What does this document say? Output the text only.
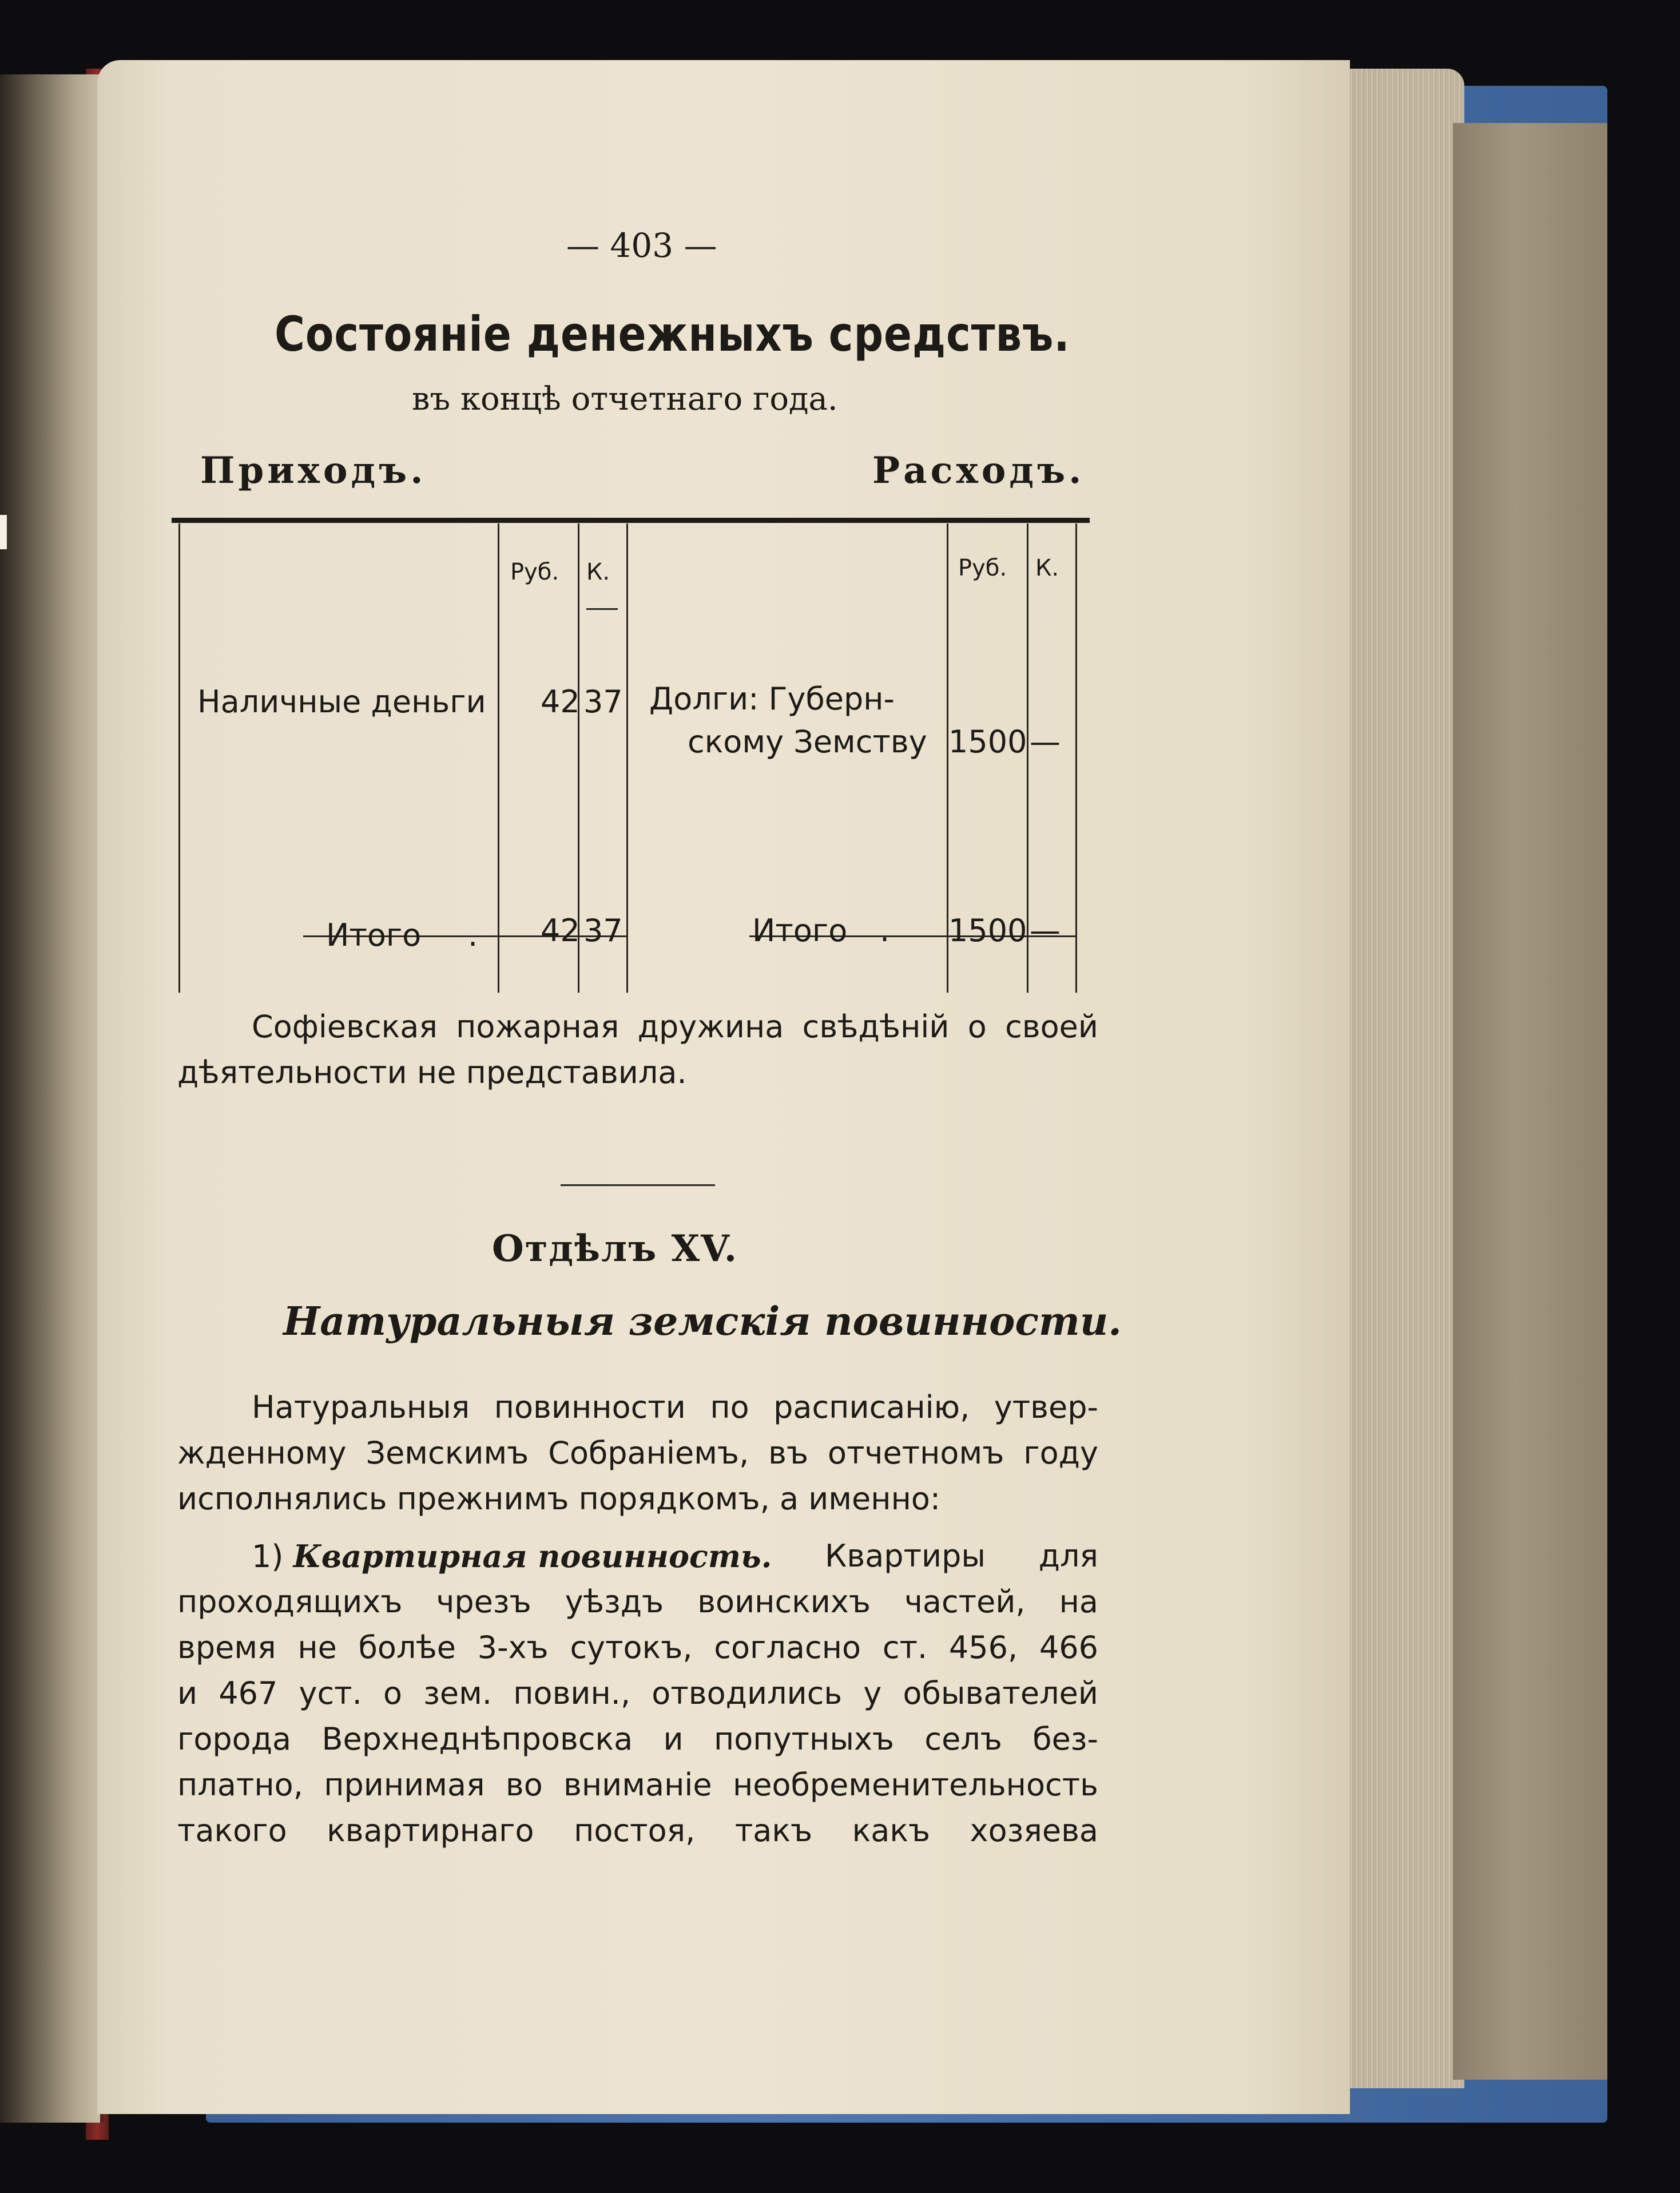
— 403 —
Состояніе денежныхъ средствъ.
въ концѣ отчетнаго года.
Приходъ.	Расходъ.
Руб. К.	Руб. К.
Наличные деньги 42 37 Долги: Губерн-
скому Земству 1500 —
Итого . 42 37	Итого . 1500 —
Софіевская пожарная дружина свѣдѣній о своей
дѣятельности не представила.
Отдѣлъ XV.
Натуральныя земскія повинности.
Натуральныя повинности по расписанію, утвер-
жденному Земскимъ Собраніемъ, въ отчетномъ году
исполнялись прежнимъ порядкомъ, а именно:
1) Квартирная повинность. Квартиры для
проходящихъ чрезъ уѣздъ воинскихъ частей, на
время не болѣе 3-хъ сутокъ, согласно ст. 456, 466
и 467 уст. о зем. повин., отводились у обывателей
города Верхнеднѣпровска и попутныхъ селъ без-
платно, принимая во вниманіе необременительность
такого квартирнаго постоя, такъ какъ хозяева
